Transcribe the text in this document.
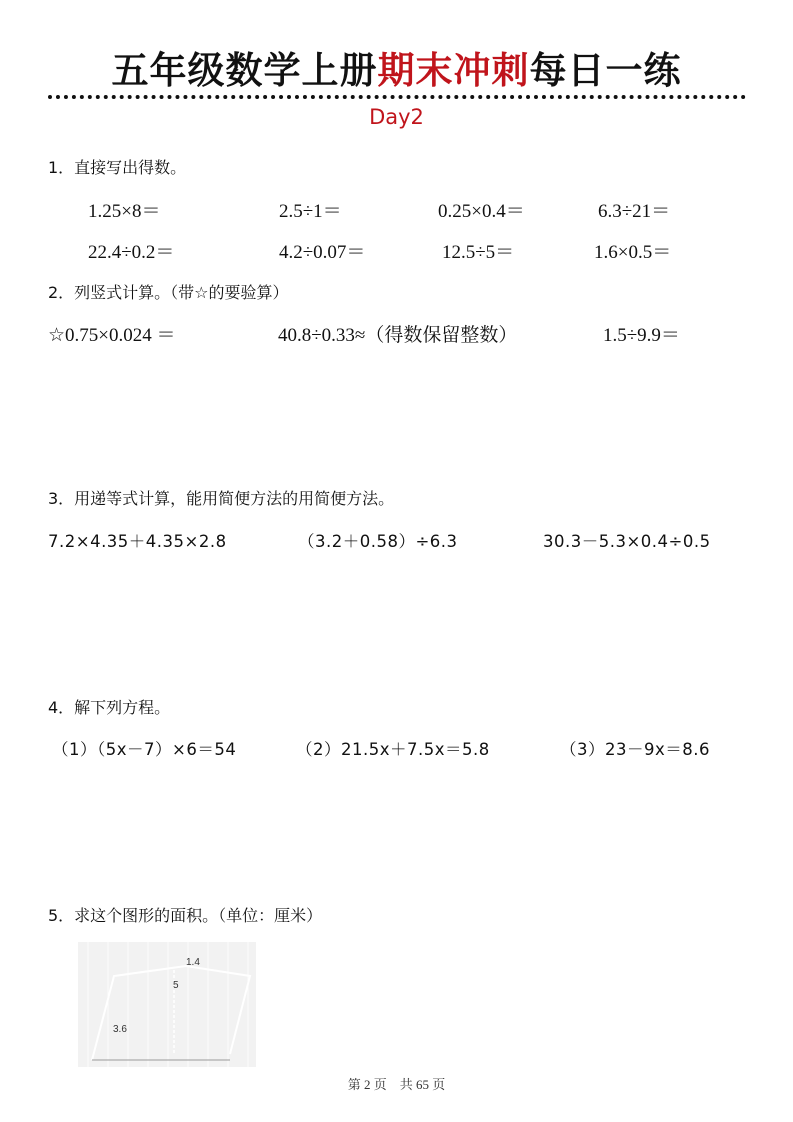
五年级数学上册期末冲刺每日一练
Day2
1．直接写出得数。
1.25×8＝	2.5÷1＝	0.25×0.4＝	6.3÷21＝
22.4÷0.2＝	4.2÷0.07＝	12.5÷5＝	1.6×0.5＝
2．列竖式计算。（带☆的要验算）
☆0.75×0.024 ＝	40.8÷0.33≈（得数保留整数）	1.5÷9.9＝
3．用递等式计算，能用简便方法的用简便方法。
7.2×4.35＋4.35×2.8	（3.2＋0.58）÷6.3	30.3－5.3×0.4÷0.5
4．解下列方程。
（1）（5x－7）×6＝54	（2）21.5x＋7.5x＝5.8	（3）23－9x＝8.6
5．求这个图形的面积。（单位：厘米）
1.4
5
3.6
第 2 页　共 65 页
